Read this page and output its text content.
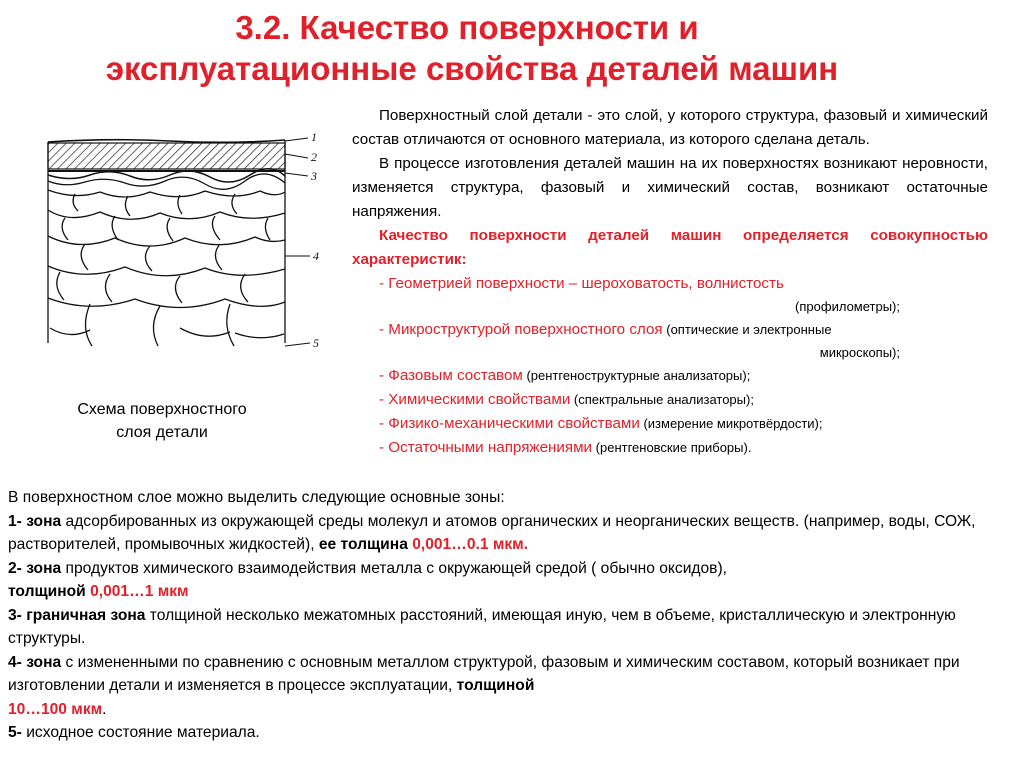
3.2. Качество поверхности и
эксплуатационные свойства деталей машин
1
2
3
4
5
Схема поверхностного
слоя детали

Поверхностный слой детали - это слой, у которого структура, фазовый и химический состав отличаются от основного материала, из которого сделана деталь.

В процессе изготовления деталей машин на их поверхностях возникают неровности, изменяется структура, фазовый и химический состав, возникают остаточные напряжения.

Качество поверхности деталей машин определяется совокупностью характеристик:

- Геометрией поверхности – шероховатость, волнистость
(профилометры);
- Микроструктурой поверхностного слоя (оптические и электронные
микроскопы);
- Фазовым составом (рентгеноструктурные анализаторы);
- Химическими свойствами (спектральные анализаторы);
- Физико-механическими свойствами (измерение микротвёрдости);
- Остаточными напряжениями (рентгеновские приборы).

В поверхностном слое можно выделить следующие основные зоны:

1- зона адсорбированных из окружающей среды молекул и атомов органических и неорганических веществ. (например, воды, СОЖ, растворителей, промывочных жидкостей), ее толщина 0,001…0.1 мкм.

2- зона продуктов химического взаимодействия металла с окружающей средой ( обычно оксидов),
толщиной 0,001…1 мкм

3- граничная зона толщиной несколько межатомных расстояний, имеющая иную, чем в объеме, кристаллическую и электронную структуры.

4- зона с измененными по сравнению с основным металлом структурой, фазовым и химическим составом, который возникает при изготовлении детали и изменяется в процессе эксплуатации, толщиной
10…100 мкм.

5- исходное состояние материала.
